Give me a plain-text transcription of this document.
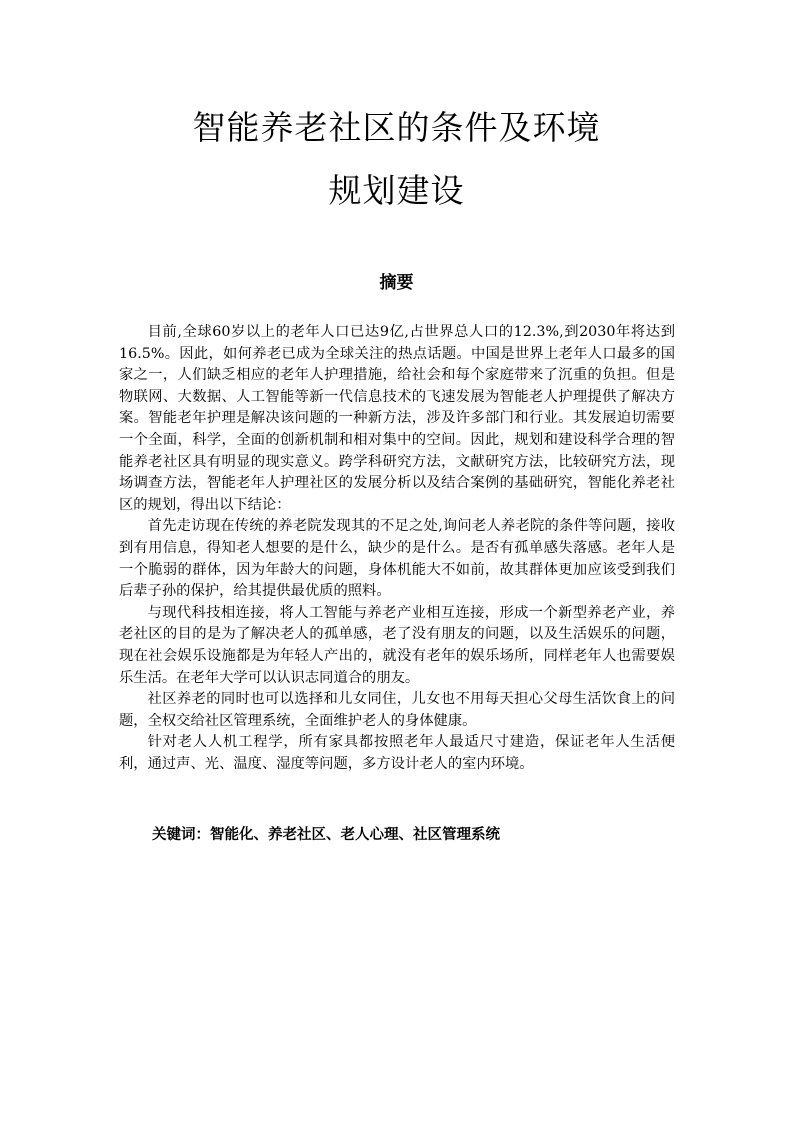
智能养老社区的条件及环境
规划建设
摘要

目前,全球60岁以上的老年人口已达9亿,占世界总人口的12.3%,到2030年将达到16.5%。因此，如何养老已成为全球关注的热点话题。中国是世界上老年人口最多的国家之一，人们缺乏相应的老年人护理措施，给社会和每个家庭带来了沉重的负担。但是物联网、大数据、人工智能等新一代信息技术的飞速发展为智能老人护理提供了解决方案。智能老年护理是解决该问题的一种新方法，涉及许多部门和行业。其发展迫切需要一个全面，科学，全面的创新机制和相对集中的空间。因此，规划和建设科学合理的智能养老社区具有明显的现实意义。跨学科研究方法，文献研究方法，比较研究方法，现场调查方法，智能老年人护理社区的发展分析以及结合案例的基础研究，智能化养老社区的规划，得出以下结论：

首先走访现在传统的养老院发现其的不足之处,询问老人养老院的条件等问题，接收到有用信息，得知老人想要的是什么，缺少的是什么。是否有孤单感失落感。老年人是一个脆弱的群体，因为年龄大的问题，身体机能大不如前，故其群体更加应该受到我们后辈子孙的保护，给其提供最优质的照料。

与现代科技相连接，将人工智能与养老产业相互连接，形成一个新型养老产业，养老社区的目的是为了解决老人的孤单感，老了没有朋友的问题，以及生活娱乐的问题，现在社会娱乐设施都是为年轻人产出的，就没有老年的娱乐场所，同样老年人也需要娱乐生活。在老年大学可以认识志同道合的朋友。

社区养老的同时也可以选择和儿女同住，儿女也不用每天担心父母生活饮食上的问题，全权交给社区管理系统，全面维护老人的身体健康。

针对老人人机工程学，所有家具都按照老年人最适尺寸建造，保证老年人生活便利，通过声、光、温度、湿度等问题，多方设计老人的室内环境。

关键词：智能化、养老社区、老人心理、社区管理系统
